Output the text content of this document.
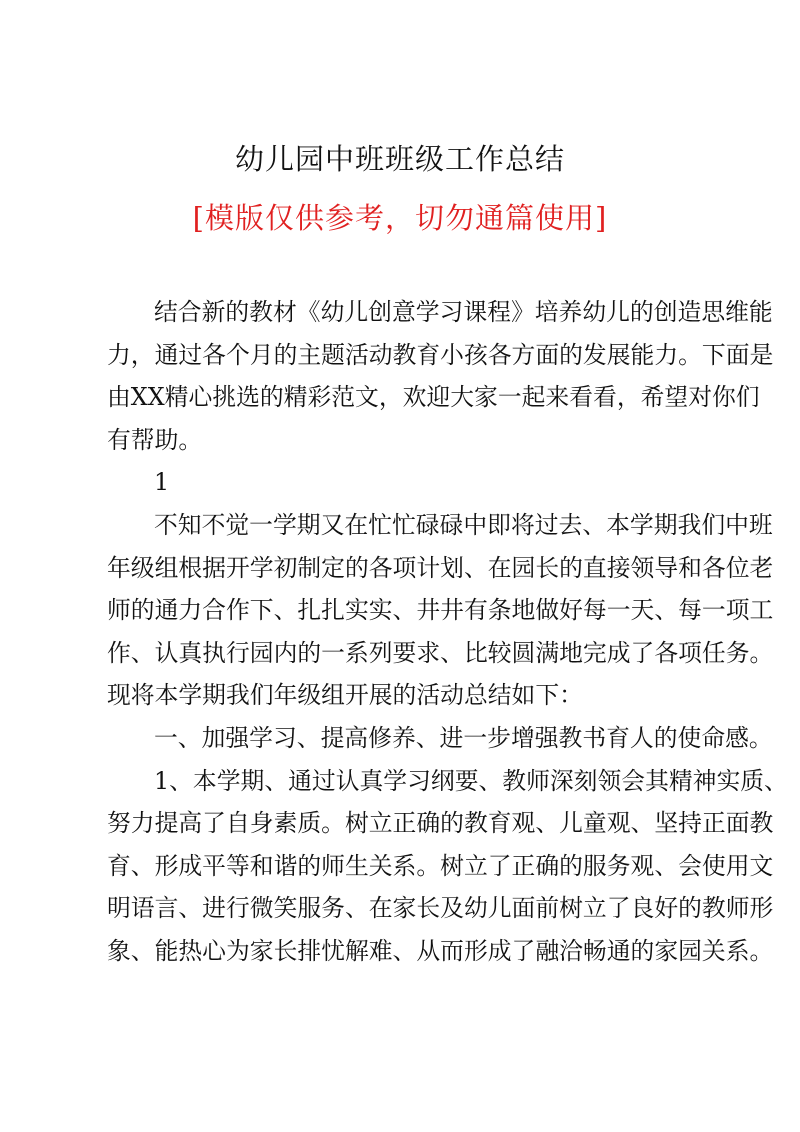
幼儿园中班班级工作总结
[模版仅供参考，切勿通篇使用]

结合新的教材《幼儿创意学习课程》培养幼儿的创造思维能
力，通过各个月的主题活动教育小孩各方面的发展能力。下面是
由XX精心挑选的精彩范文，欢迎大家一起来看看，希望对你们
有帮助。

1

不知不觉一学期又在忙忙碌碌中即将过去、本学期我们中班
年级组根据开学初制定的各项计划、在园长的直接领导和各位老
师的通力合作下、扎扎实实、井井有条地做好每一天、每一项工
作、认真执行园内的一系列要求、比较圆满地完成了各项任务。
现将本学期我们年级组开展的活动总结如下：

一、加强学习、提高修养、进一步增强教书育人的使命感。

1、本学期、通过认真学习纲要、教师深刻领会其精神实质、
努力提高了自身素质。树立正确的教育观、儿童观、坚持正面教
育、形成平等和谐的师生关系。树立了正确的服务观、会使用文
明语言、进行微笑服务、在家长及幼儿面前树立了良好的教师形
象、能热心为家长排忧解难、从而形成了融洽畅通的家园关系。
